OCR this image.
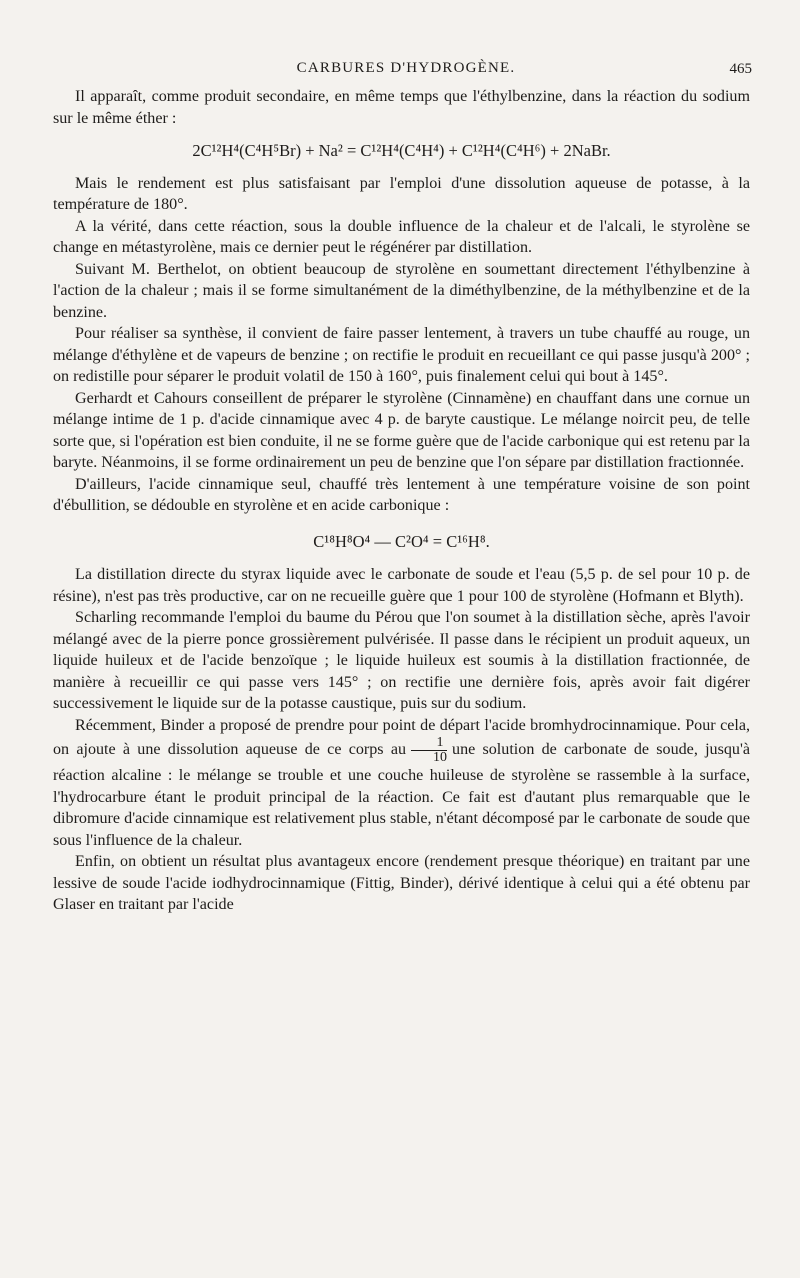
CARBURES D'HYDROGÈNE.	465

Il apparaît, comme produit secondaire, en même temps que l'éthylbenzine, dans la réaction du sodium sur le même éther :

2C¹²H⁴(C⁴H⁵Br) + Na² = C¹²H⁴(C⁴H⁴) + C¹²H⁴(C⁴H⁶) + 2NaBr.

Mais le rendement est plus satisfaisant par l'emploi d'une dissolution aqueuse de potasse, à la température de 180°.

A la vérité, dans cette réaction, sous la double influence de la chaleur et de l'alcali, le styrolène se change en métastyrolène, mais ce dernier peut le régénérer par distillation.

Suivant M. Berthelot, on obtient beaucoup de styrolène en soumettant directement l'éthylbenzine à l'action de la chaleur ; mais il se forme simultanément de la diméthylbenzine, de la méthylbenzine et de la benzine.

Pour réaliser sa synthèse, il convient de faire passer lentement, à travers un tube chauffé au rouge, un mélange d'éthylène et de vapeurs de benzine ; on rectifie le produit en recueillant ce qui passe jusqu'à 200° ; on redistille pour séparer le produit volatil de 150 à 160°, puis finalement celui qui bout à 145°.

Gerhardt et Cahours conseillent de préparer le styrolène (Cinnamène) en chauffant dans une cornue un mélange intime de 1 p. d'acide cinnamique avec 4 p. de baryte caustique. Le mélange noircit peu, de telle sorte que, si l'opération est bien conduite, il ne se forme guère que de l'acide carbonique qui est retenu par la baryte. Néanmoins, il se forme ordinairement un peu de benzine que l'on sépare par distillation fractionnée.

D'ailleurs, l'acide cinnamique seul, chauffé très lentement à une température voisine de son point d'ébullition, se dédouble en styrolène et en acide carbonique :

C¹⁸H⁸O⁴ — C²O⁴ = C¹⁶H⁸.

La distillation directe du styrax liquide avec le carbonate de soude et l'eau (5,5 p. de sel pour 10 p. de résine), n'est pas très productive, car on ne recueille guère que 1 pour 100 de styrolène (Hofmann et Blyth).

Scharling recommande l'emploi du baume du Pérou que l'on soumet à la distillation sèche, après l'avoir mélangé avec de la pierre ponce grossièrement pulvérisée. Il passe dans le récipient un produit aqueux, un liquide huileux et de l'acide benzoïque ; le liquide huileux est soumis à la distillation fractionnée, de manière à recueillir ce qui passe vers 145° ; on rectifie une dernière fois, après avoir fait digérer successivement le liquide sur de la potasse caustique, puis sur du sodium.

Récemment, Binder a proposé de prendre pour point de départ l'acide bromhydrocinnamique. Pour cela, on ajoute à une dissolution aqueuse de ce corps au $\frac{1}{10}$ une solution de carbonate de soude, jusqu'à réaction alcaline : le mélange se trouble et une couche huileuse de styrolène se rassemble à la surface, l'hydrocarbure étant le produit principal de la réaction. Ce fait est d'autant plus remarquable que le dibromure d'acide cinnamique est relativement plus stable, n'étant décomposé par le carbonate de soude que sous l'influence de la chaleur.

Enfin, on obtient un résultat plus avantageux encore (rendement presque théorique) en traitant par une lessive de soude l'acide iodhydrocinnamique (Fittig, Binder), dérivé identique à celui qui a été obtenu par Glaser en traitant par l'acide
